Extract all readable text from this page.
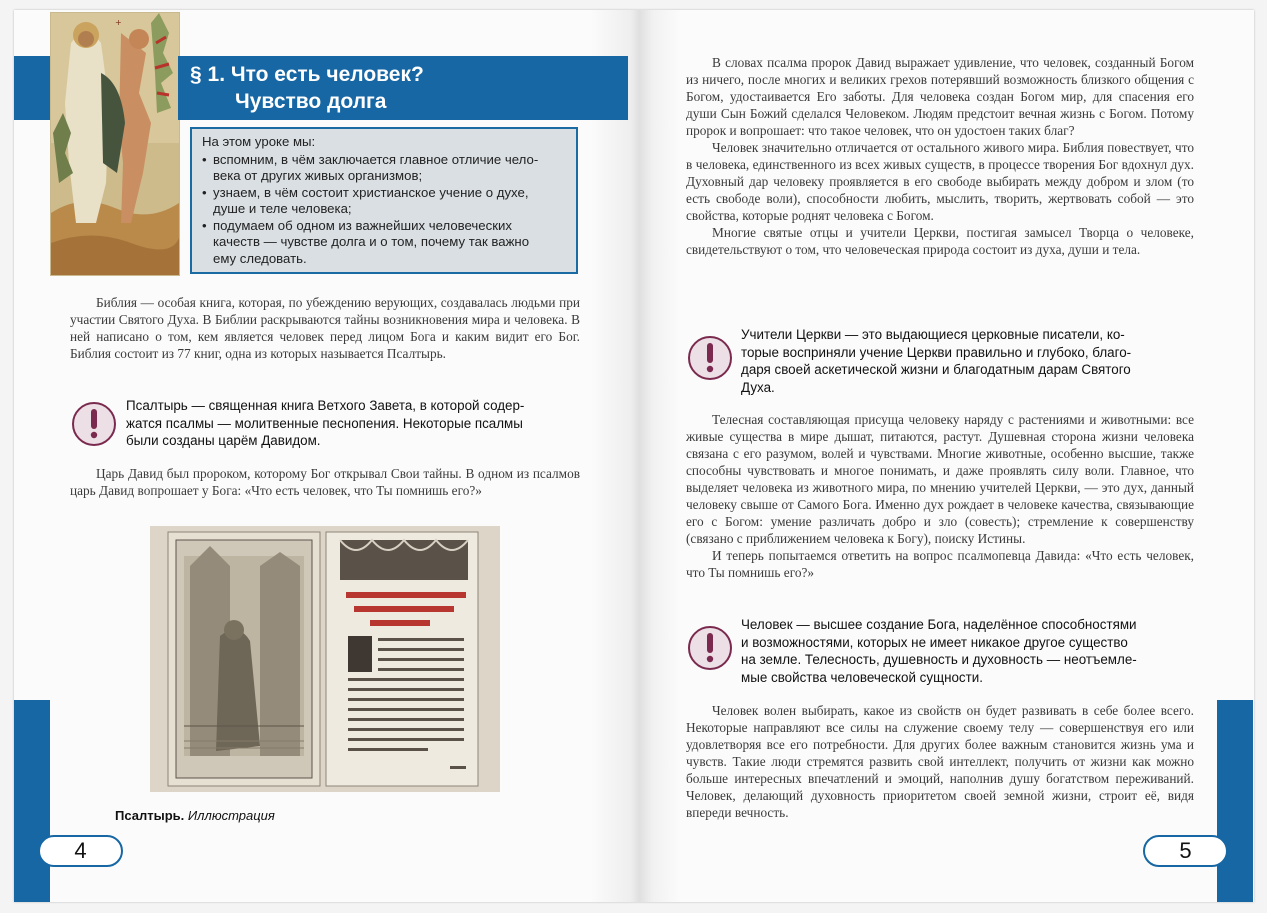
+
§ 1. Что есть человек?
Чувство долга
На этом уроке мы:
• вспомним, в чём заключается главное отличие чело-
века от других живых организмов;
• узнаем, в чём состоит христианское учение о духе,
душе и теле человека;
• подумаем об одном из важнейших человеческих
качеств — чувстве долга и о том, почему так важно
ему следовать.

Библия — особая книга, которая, по убеждению верующих, создавалась людьми при участии Святого Духа. В Библии раскрываются тайны возникновения мира и человека. В ней написано о том, кем является человек перед лицом Бога и каким видит его Бог. Библия состоит из 77 книг, одна из которых называется Псалтырь.

Псалтырь — священная книга Ветхого Завета, в которой содер-
жатся псалмы — молитвенные песнопения. Некоторые псалмы
были созданы царём Давидом.

Царь Давид был пророком, которому Бог открывал Свои тайны. В одном из псалмов царь Давид вопрошает у Бога: «Что есть человек, что Ты помнишь его?»

Псалтырь. Иллюстрация
4

В словах псалма пророк Давид выражает удивление, что человек, созданный Богом из ничего, после многих и великих грехов потерявший возможность близкого общения с Богом, удостаивается Его заботы. Для человека создан Богом мир, для спасения его души Сын Божий сделался Человеком. Людям предстоит вечная жизнь с Богом. Потому пророк и вопрошает: что такое человек, что он удостоен таких благ?

Человек значительно отличается от остального живого мира. Библия повествует, что в человека, единственного из всех живых существ, в процессе творения Бог вдохнул дух. Духовный дар человеку проявляется в его свободе выбирать между добром и злом (то есть свободе воли), способности любить, мыслить, творить, жертвовать собой — это свойства, которые роднят человека с Богом.

Многие святые отцы и учители Церкви, постигая замысел Творца о человеке, свидетельствуют о том, что человеческая природа состоит из духа, души и тела.

Учители Церкви — это выдающиеся церковные писатели, ко-
торые восприняли учение Церкви правильно и глубоко, благо-
даря своей аскетической жизни и благодатным дарам Святого
Духа.

Телесная составляющая присуща человеку наряду с растениями и животными: все живые существа в мире дышат, питаются, растут. Душевная сторона жизни человека связана с его разумом, волей и чувствами. Многие животные, особенно высшие, также способны чувствовать и многое понимать, и даже проявлять силу воли. Главное, что выделяет человека из животного мира, по мнению учителей Церкви, — это дух, данный человеку свыше от Самого Бога. Именно дух рождает в человеке качества, связывающие его с Богом: умение различать добро и зло (совесть); стремление к совершенству (связано с приближением человека к Богу), поиску Истины.

И теперь попытаемся ответить на вопрос псалмопевца Давида: «Что есть человек, что Ты помнишь его?»

Человек — высшее создание Бога, наделённое способностями
и возможностями, которых не имеет никакое другое существо
на земле. Телесность, душевность и духовность — неотъемле-
мые свойства человеческой сущности.

Человек волен выбирать, какое из свойств он будет развивать в себе более всего. Некоторые направляют все силы на служение своему телу — совершенствуя его или удовлетворяя все его потребности. Для других более важным становится жизнь ума и чувств. Такие люди стремятся развить свой интеллект, получить от жизни как можно больше интересных впечатлений и эмоций, наполнив душу богатством переживаний. Человек, делающий духовность приоритетом своей земной жизни, строит её, видя впереди вечность.

5
